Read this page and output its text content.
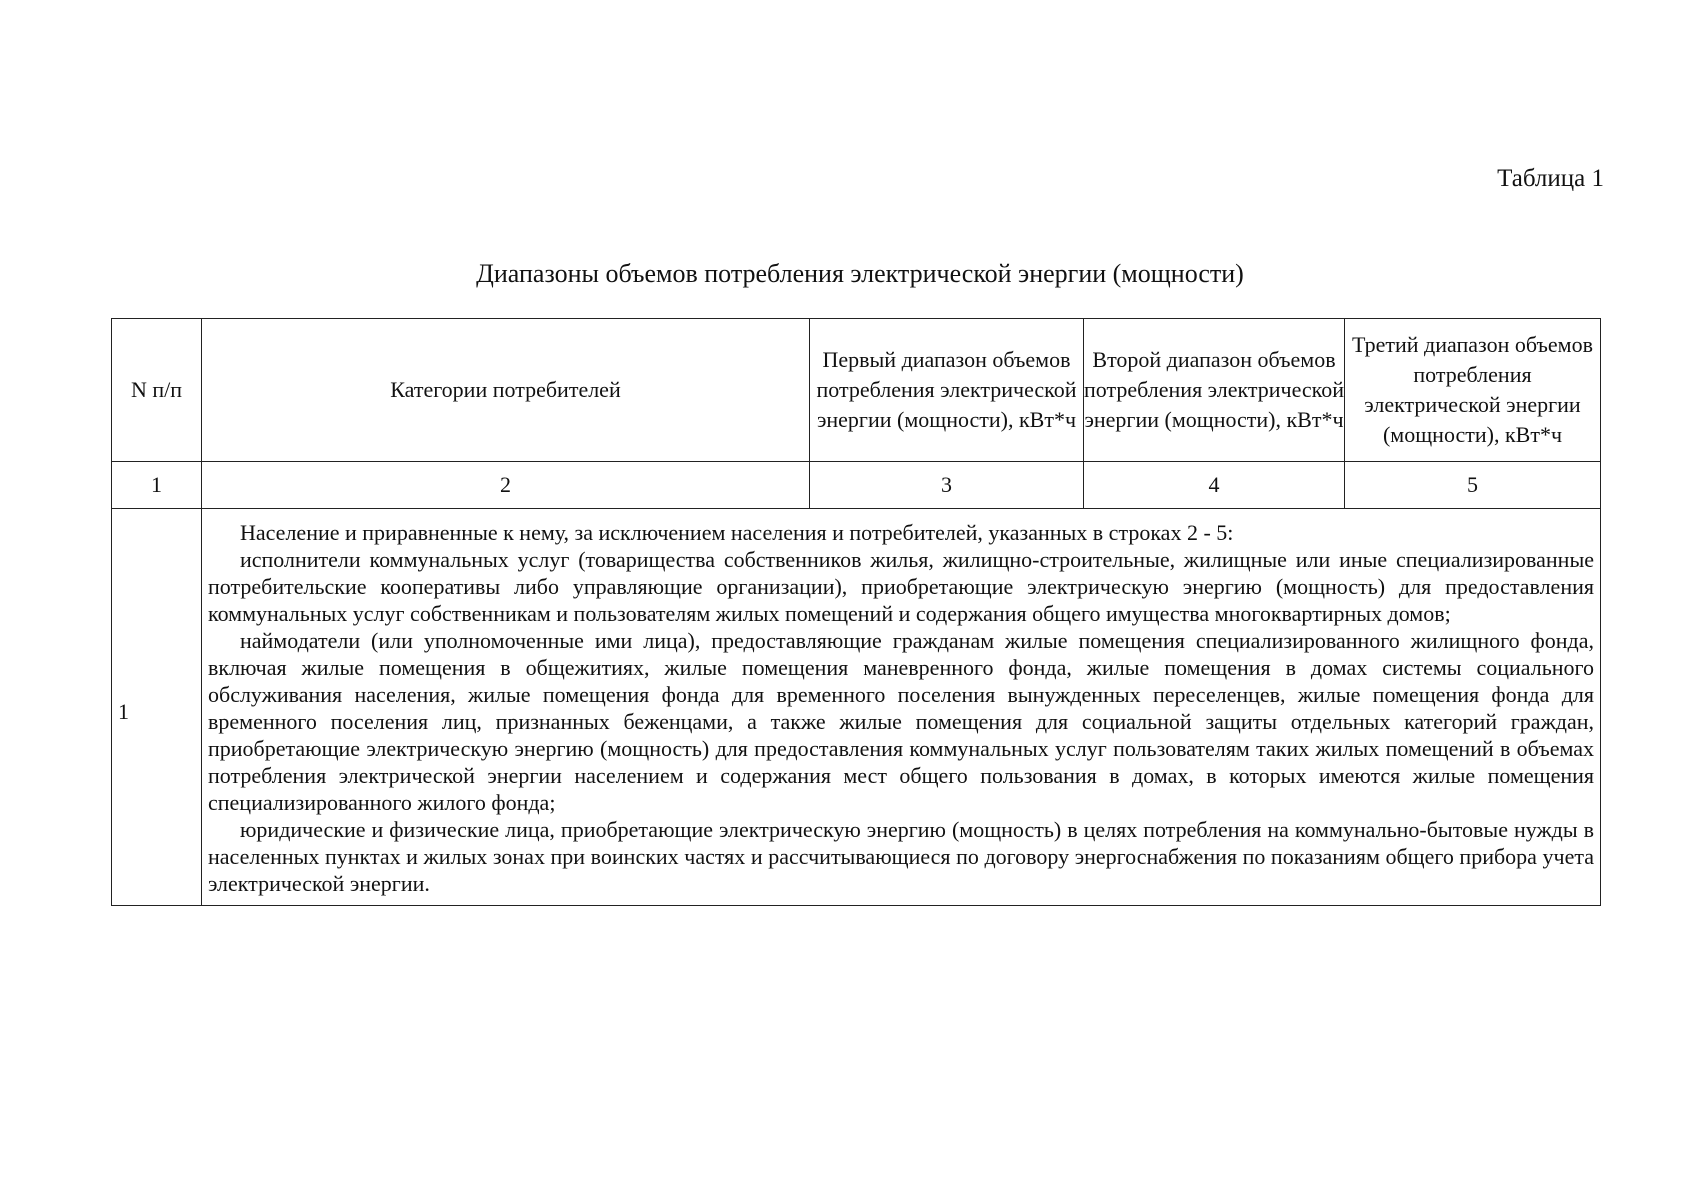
Таблица 1
Диапазоны объемов потребления электрической энергии (мощности)
N п/п	Категории потребителей	Первый диапазон объемов потребления электрической энергии (мощности), кВт*ч	Второй диапазон объемов потребления электрической энергии (мощности), кВт*ч	Третий диапазон объемов потребления электрической энергии (мощности), кВт*ч
1	2	3	4	5
1	Население и приравненные к нему, за исключением населения и потребителей, указанных в строках 2 - 5:

исполнители коммунальных услуг (товарищества собственников жилья, жилищно-строительные, жилищные или иные специализированные потребительские кооперативы либо управляющие организации), приобретающие электрическую энергию (мощность) для предоставления коммунальных услуг собственникам и пользователям жилых помещений и содержания общего имущества многоквартирных домов;

наймодатели (или уполномоченные ими лица), предоставляющие гражданам жилые помещения специализированного жилищного фонда, включая жилые помещения в общежитиях, жилые помещения маневренного фонда, жилые помещения в домах системы социального обслуживания населения, жилые помещения фонда для временного поселения вынужденных переселенцев, жилые помещения фонда для временного поселения лиц, признанных беженцами, а также жилые помещения для социальной защиты отдельных категорий граждан, приобретающие электрическую энергию (мощность) для предоставления коммунальных услуг пользователям таких жилых помещений в объемах потребления электрической энергии населением и содержания мест общего пользования в домах, в которых имеются жилые помещения специализированного жилого фонда;

юридические и физические лица, приобретающие электрическую энергию (мощность) в целях потребления на коммунально-бытовые нужды в населенных пунктах и жилых зонах при воинских частях и рассчитывающиеся по договору энергоснабжения по показаниям общего прибора учета электрической энергии.			
